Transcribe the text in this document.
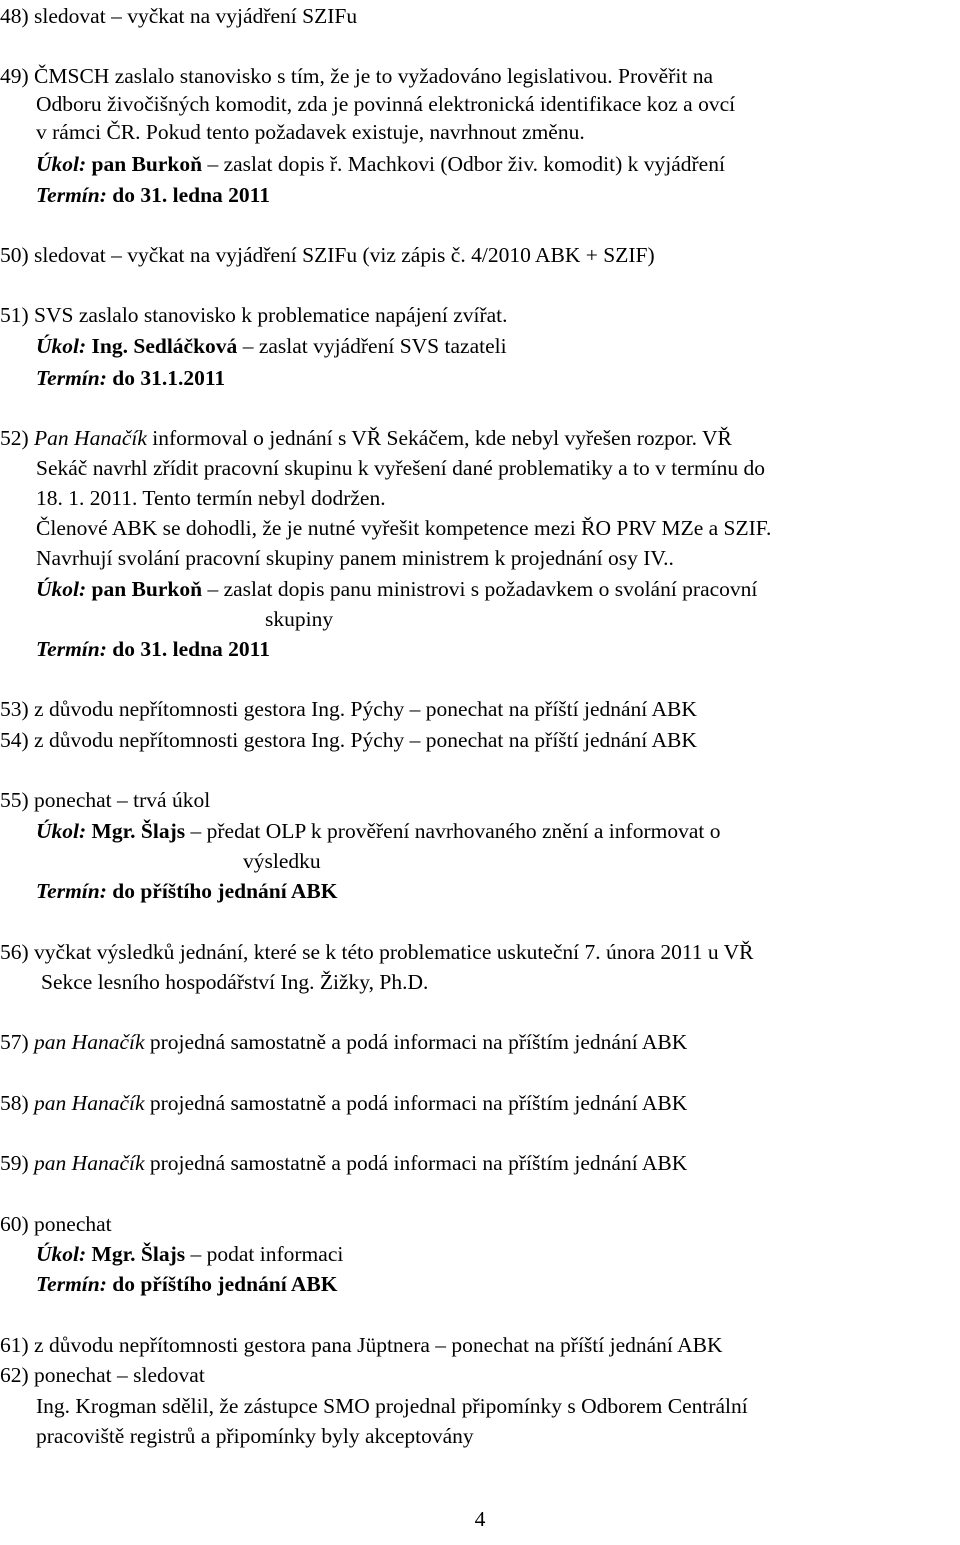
48) sledovat – vyčkat na vyjádření SZIFu
49) ČMSCH zaslalo stanovisko s tím, že je to vyžadováno legislativou. Prověřit na
Odboru živočišných komodit, zda je povinná elektronická identifikace koz a ovcí
v rámci ČR. Pokud tento požadavek existuje, navrhnout změnu.
Úkol: pan Burkoň – zaslat dopis ř. Machkovi (Odbor živ. komodit) k vyjádření
Termín: do 31. ledna 2011
50) sledovat – vyčkat na vyjádření SZIFu (viz zápis č. 4/2010 ABK + SZIF)
51) SVS zaslalo stanovisko k problematice napájení zvířat.
Úkol: Ing. Sedláčková – zaslat vyjádření SVS tazateli
Termín: do 31.1.2011
52) Pan Hanačík informoval o jednání s VŘ Sekáčem, kde nebyl vyřešen rozpor. VŘ
Sekáč navrhl zřídit pracovní skupinu k vyřešení dané problematiky a to v termínu do
18. 1. 2011. Tento termín nebyl dodržen.
Členové ABK se dohodli, že je nutné vyřešit kompetence mezi ŘO PRV MZe a SZIF.
Navrhují svolání pracovní skupiny panem ministrem k projednání osy IV..
Úkol: pan Burkoň – zaslat dopis panu ministrovi s požadavkem o svolání pracovní
skupiny
Termín: do 31. ledna 2011
53) z důvodu nepřítomnosti gestora Ing. Pýchy – ponechat na příští jednání ABK
54) z důvodu nepřítomnosti gestora Ing. Pýchy – ponechat na příští jednání ABK
55) ponechat – trvá úkol
Úkol: Mgr. Šlajs – předat OLP k prověření navrhovaného znění a informovat o
výsledku
Termín: do příštího jednání ABK
56) vyčkat výsledků jednání, které se k této problematice uskuteční 7. února 2011 u VŘ
Sekce lesního hospodářství Ing. Žižky, Ph.D.
57) pan Hanačík projedná samostatně a podá informaci na příštím jednání ABK
58) pan Hanačík projedná samostatně a podá informaci na příštím jednání ABK
59) pan Hanačík projedná samostatně a podá informaci na příštím jednání ABK
60) ponechat
Úkol: Mgr. Šlajs – podat informaci
Termín: do příštího jednání ABK
61) z důvodu nepřítomnosti gestora pana Jüptnera – ponechat na příští jednání ABK
62) ponechat – sledovat
Ing. Krogman sdělil, že zástupce SMO projednal připomínky s Odborem Centrální
pracoviště registrů a připomínky byly akceptovány
4
